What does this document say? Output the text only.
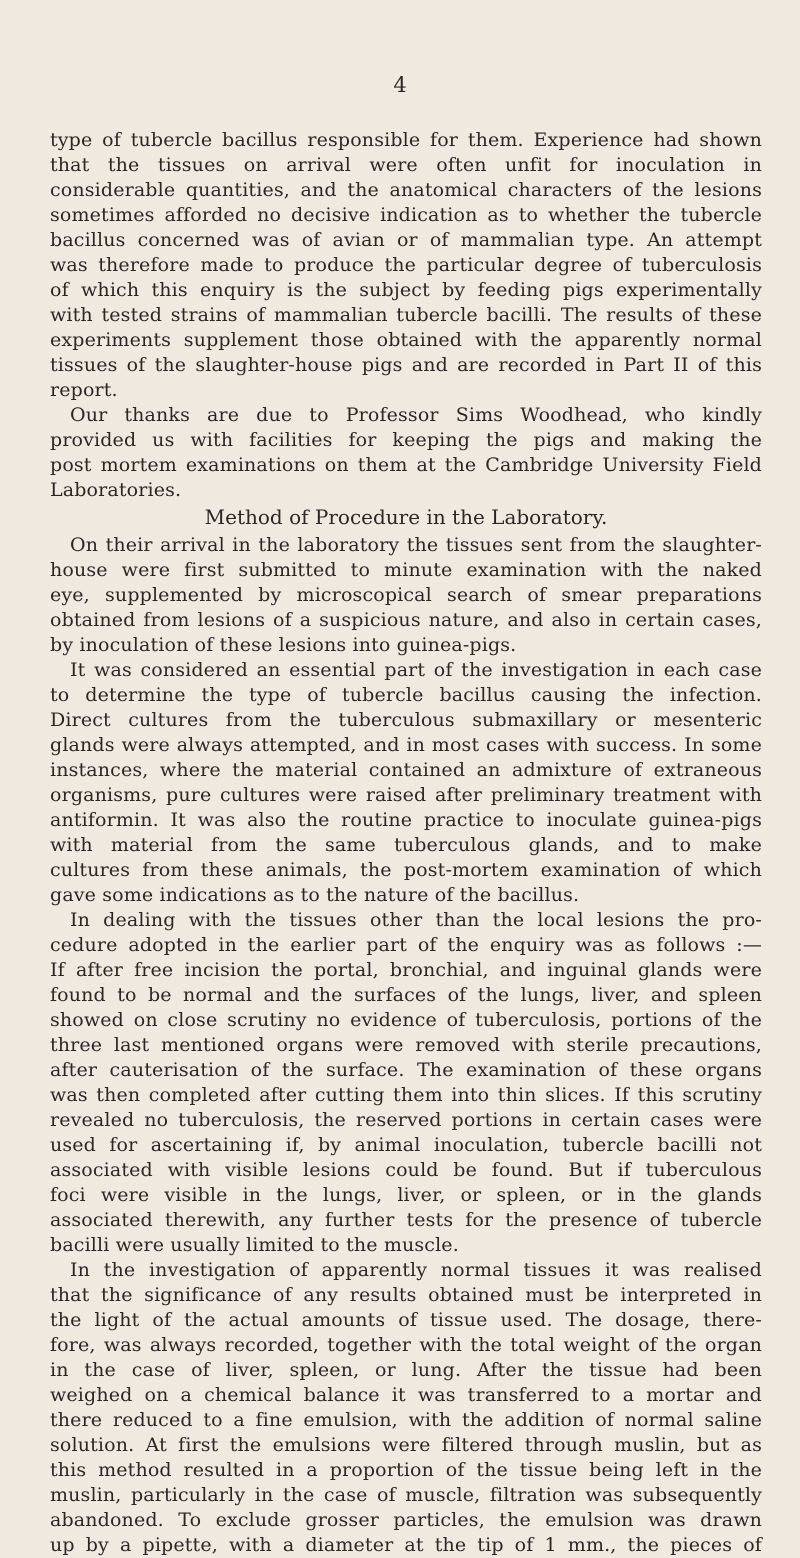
4
type of tubercle bacillus responsible for them. Experience had shown
that the tissues on arrival were often unfit for inoculation in
considerable quantities, and the anatomical characters of the lesions
sometimes afforded no decisive indication as to whether the tubercle
bacillus concerned was of avian or of mammalian type. An attempt
was therefore made to produce the particular degree of tuberculosis
of which this enquiry is the subject by feeding pigs experimentally
with tested strains of mammalian tubercle bacilli. The results of these
experiments supplement those obtained with the apparently normal
tissues of the slaughter-house pigs and are recorded in Part II of this
report.
Our thanks are due to Professor Sims Woodhead, who kindly
provided us with facilities for keeping the pigs and making the
post mortem examinations on them at the Cambridge University Field
Laboratories.
Method of Procedure in the Laboratory.
On their arrival in the laboratory the tissues sent from the slaughter-
house were first submitted to minute examination with the naked
eye, supplemented by microscopical search of smear preparations
obtained from lesions of a suspicious nature, and also in certain cases,
by inoculation of these lesions into guinea-pigs.
It was considered an essential part of the investigation in each case
to determine the type of tubercle bacillus causing the infection.
Direct cultures from the tuberculous submaxillary or mesenteric
glands were always attempted, and in most cases with success. In some
instances, where the material contained an admixture of extraneous
organisms, pure cultures were raised after preliminary treatment with
antiformin. It was also the routine practice to inoculate guinea-pigs
with material from the same tuberculous glands, and to make
cultures from these animals, the post-mortem examination of which
gave some indications as to the nature of the bacillus.
In dealing with the tissues other than the local lesions the pro-
cedure adopted in the earlier part of the enquiry was as follows :—
If after free incision the portal, bronchial, and inguinal glands were
found to be normal and the surfaces of the lungs, liver, and spleen
showed on close scrutiny no evidence of tuberculosis, portions of the
three last mentioned organs were removed with sterile precautions,
after cauterisation of the surface. The examination of these organs
was then completed after cutting them into thin slices. If this scrutiny
revealed no tuberculosis, the reserved portions in certain cases were
used for ascertaining if, by animal inoculation, tubercle bacilli not
associated with visible lesions could be found. But if tuberculous
foci were visible in the lungs, liver, or spleen, or in the glands
associated therewith, any further tests for the presence of tubercle
bacilli were usually limited to the muscle.
In the investigation of apparently normal tissues it was realised
that the significance of any results obtained must be interpreted in
the light of the actual amounts of tissue used. The dosage, there-
fore, was always recorded, together with the total weight of the organ
in the case of liver, spleen, or lung. After the tissue had been
weighed on a chemical balance it was transferred to a mortar and
there reduced to a fine emulsion, with the addition of normal saline
solution. At first the emulsions were filtered through muslin, but as
this method resulted in a proportion of the tissue being left in the
muslin, particularly in the case of muscle, filtration was subsequently
abandoned. To exclude grosser particles, the emulsion was drawn
up by a pipette, with a diameter at the tip of 1 mm., the pieces of
